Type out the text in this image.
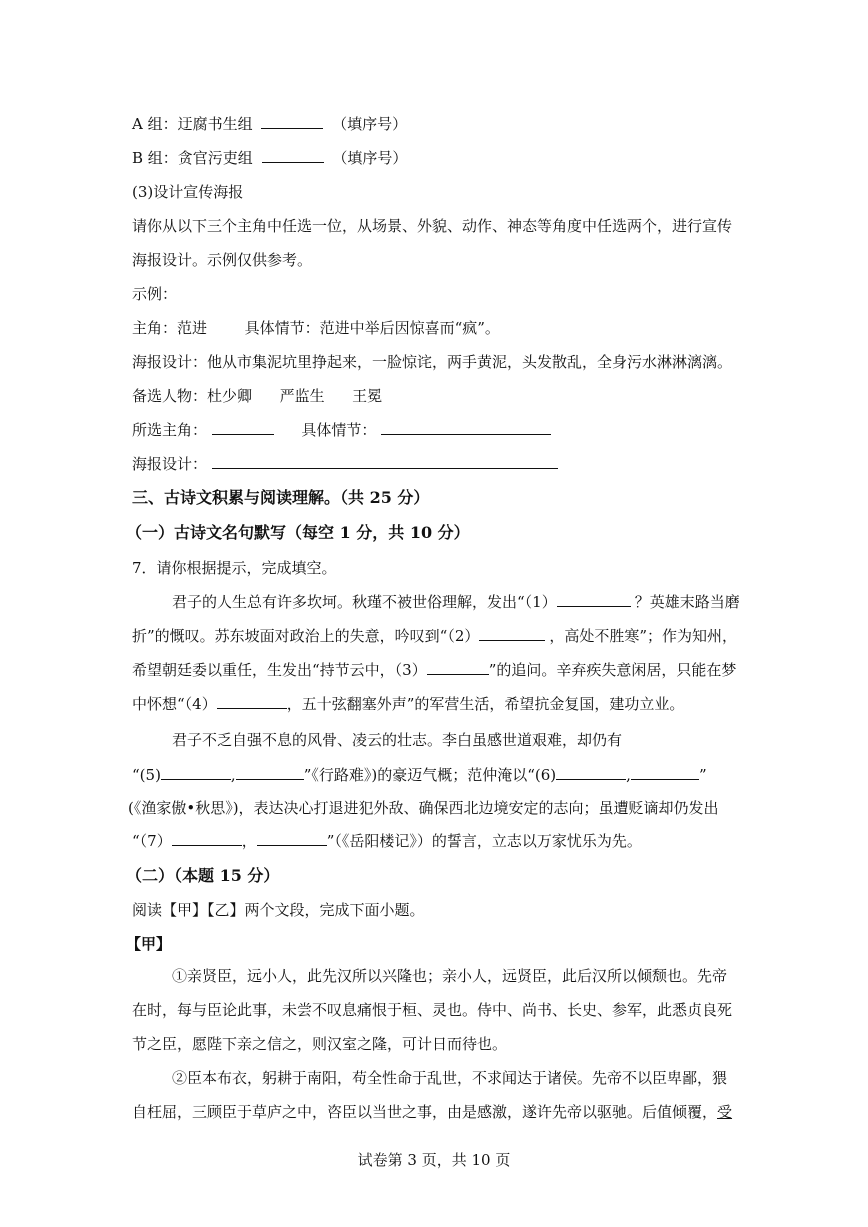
A 组：迂腐书生组	（填序号）
B 组：贪官污吏组	（填序号）
(3)设计宣传海报
请你从以下三个主角中任选一位，从场景、外貌、动作、神态等角度中任选两个，进行宣传
海报设计。示例仅供参考。
示例：
主角：范进	具体情节：范进中举后因惊喜而“疯”。
海报设计：他从市集泥坑里挣起来，一脸惊诧，两手黄泥，头发散乱，全身污水淋淋漓漓。
备选人物：杜少卿 严监生 王冕
所选主角：	具体情节：
海报设计：
三、古诗文积累与阅读理解。（共 25 分）
（一）古诗文名句默写（每空 1 分，共 10 分）
7．请你根据提示，完成填空。
君子的人生总有许多坎坷。秋瑾不被世俗理解，发出“（1）	？英雄末路当磨
折”的慨叹。苏东坡面对政治上的失意，吟叹到“（2）	，高处不胜寒”；作为知州，
希望朝廷委以重任，生发出“持节云中，（3）	”的追问。辛弃疾失意闲居，只能在梦
中怀想“（4）	，五十弦翻塞外声”的军营生活，希望抗金复国，建功立业。
君子不乏自强不息的风骨、凌云的壮志。李白虽感世道艰难，却仍有
“(5)	,	”《行路难》)的豪迈气概；范仲淹以“(6)	,	”
(《渔家傲•秋思》)，表达决心打退进犯外敌、确保西北边境安定的志向；虽遭贬谪却仍发出
“（7）	，	”（《岳阳楼记》）的誓言，立志以万家忧乐为先。
（二）（本题 15 分）
阅读【甲】【乙】两个文段，完成下面小题。
【甲】
①亲贤臣，远小人，此先汉所以兴隆也；亲小人，远贤臣，此后汉所以倾颓也。先帝
在时，每与臣论此事，未尝不叹息痛恨于桓、灵也。侍中、尚书、长史、参军，此悉贞良死
节之臣，愿陛下亲之信之，则汉室之隆，可计日而待也。
②臣本布衣，躬耕于南阳，苟全性命于乱世，不求闻达于诸侯。先帝不以臣卑鄙，猥
自枉屈，三顾臣于草庐之中，咨臣以当世之事，由是感激，遂许先帝以驱驰。后值倾覆，受
试卷第 3 页，共 10 页
